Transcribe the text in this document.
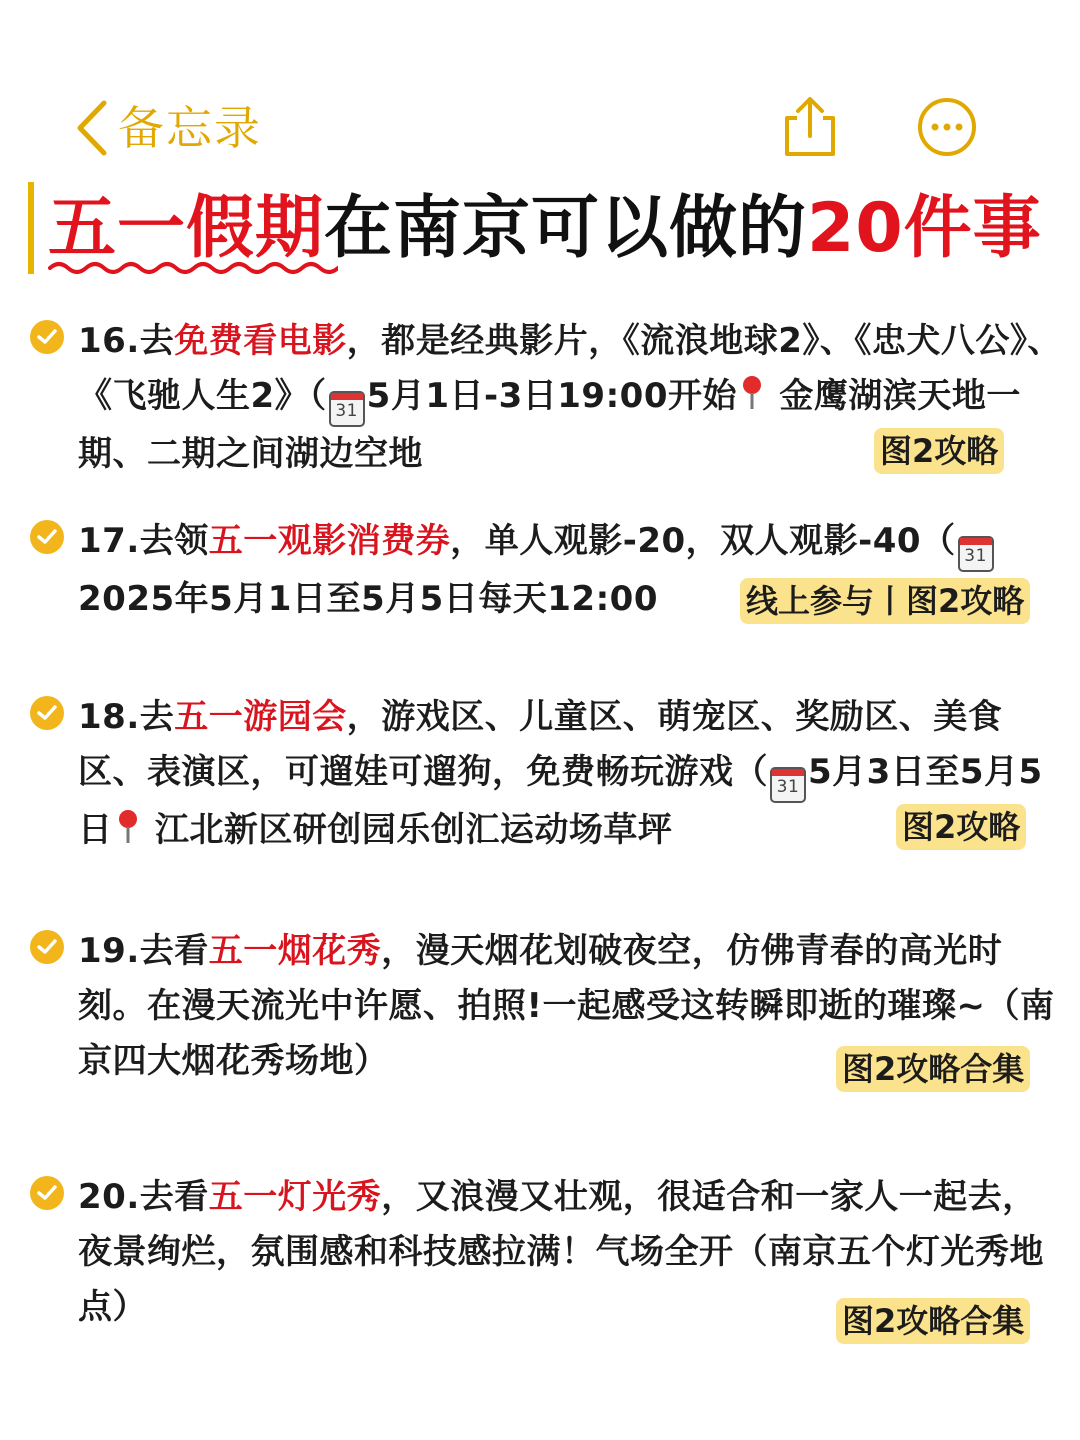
备忘录
五一假期在南京可以做的20件事
16.去免费看电影，都是经典影片，《流浪地球2》、《忠犬八公》、《飞驰人生2》（ 31 5月1日-3日19:00开始 金鹰湖滨天地一期、二期之间湖边空地	图2攻略
17.去领五一观影消费券，单人观影-20，双人观影-40（ 31
2025年5月1日至5月5日每天12:00	线上参与丨图2攻略
18.去五一游园会，游戏区、儿童区、萌宠区、奖励区、美食区、表演区，可遛娃可遛狗，免费畅玩游戏（ 31 5月3日至5月5日 江北新区研创园乐创汇运动场草坪	图2攻略
19.去看五一烟花秀，漫天烟花划破夜空，仿佛青春的高光时刻。在漫天流光中许愿、拍照!一起感受这转瞬即逝的璀璨~（南京四大烟花秀场地）	图2攻略合集
20.去看五一灯光秀，又浪漫又壮观，很适合和一家人一起去，夜景绚烂，氛围感和科技感拉满！气场全开（南京五个灯光秀地点）	图2攻略合集
